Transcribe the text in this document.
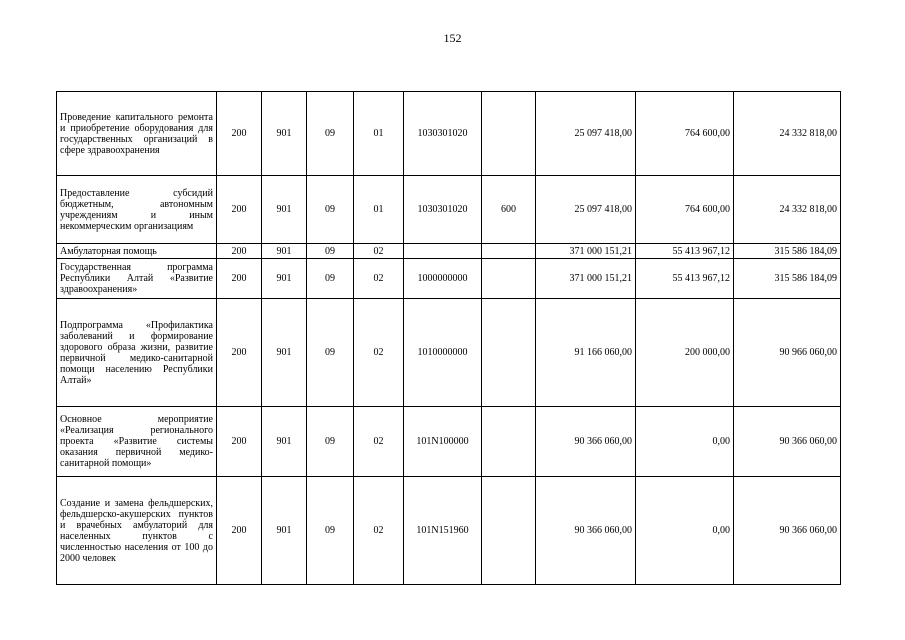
152
Проведение капитального ремонта и приобретение оборудования для государственных организаций в сфере здравоохранения	200	901	09	01	1030301020		25 097 418,00	764 600,00	24 332 818,00
Предоставление субсидий бюджетным, автономным учреждениям и иным некоммерческим организациям	200	901	09	01	1030301020	600	25 097 418,00	764 600,00	24 332 818,00
Амбулаторная помощь	200	901	09	02			371 000 151,21	55 413 967,12	315 586 184,09
Государственная программа Республики Алтай «Развитие здравоохранения»	200	901	09	02	1000000000		371 000 151,21	55 413 967,12	315 586 184,09
Подпрограмма «Профилактика заболеваний и формирование здорового образа жизни, развитие первичной медико-санитарной помощи населению Республики Алтай»	200	901	09	02	1010000000		91 166 060,00	200 000,00	90 966 060,00
Основное мероприятие «Реализация регионального проекта «Развитие системы оказания первичной медико-санитарной помощи»	200	901	09	02	101N100000		90 366 060,00	0,00	90 366 060,00
Создание и замена фельдшерских, фельдшерско-акушерских пунктов и врачебных амбулаторий для населенных пунктов с численностью населения от 100 до 2000 человек	200	901	09	02	101N151960		90 366 060,00	0,00	90 366 060,00
